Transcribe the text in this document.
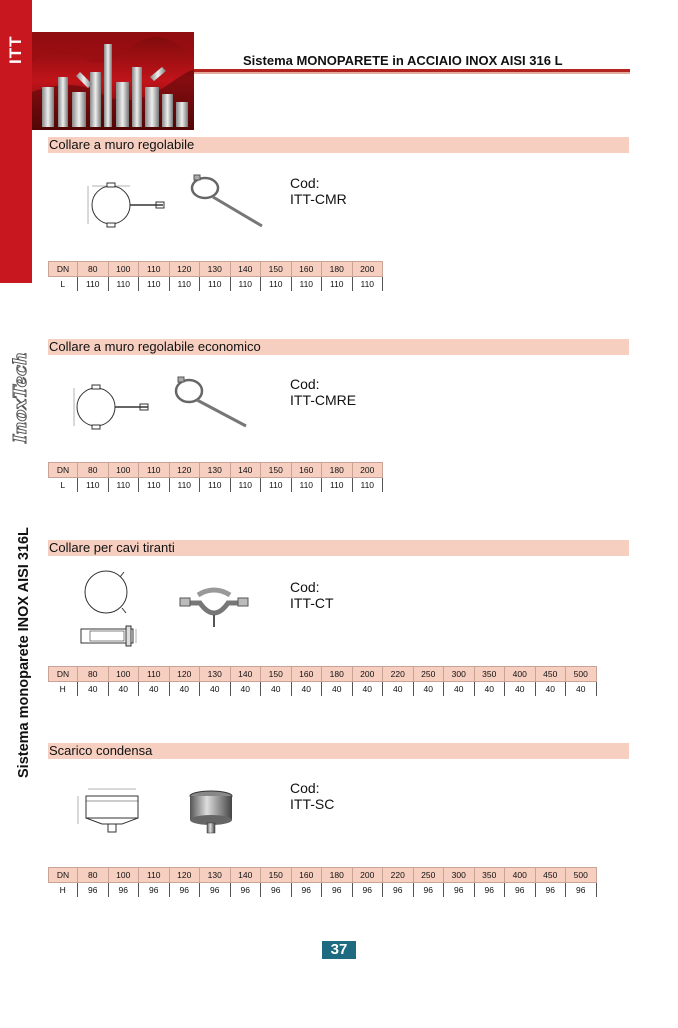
ITT
InoxTech
Sistema monoparete INOX AISI 316L
Sistema MONOPARETE in ACCIAIO INOX AISI 316 L
Collare a muro regolabile
Cod:
ITT-CMR
DN	80	100	110	120	130	140	150	160	180	200
L	110	110	110	110	110	110	110	110	110	110
Collare a muro regolabile economico
Cod:
ITT-CMRE
DN	80	100	110	120	130	140	150	160	180	200
L	110	110	110	110	110	110	110	110	110	110
Collare per cavi tiranti
Cod:
ITT-CT
DN	80	100	110	120	130	140	150	160	180	200	220	250	300	350	400	450	500
H	40	40	40	40	40	40	40	40	40	40	40	40	40	40	40	40	40
Scarico condensa
Cod:
ITT-SC
DN	80	100	110	120	130	140	150	160	180	200	220	250	300	350	400	450	500
H	96	96	96	96	96	96	96	96	96	96	96	96	96	96	96	96	96
37
